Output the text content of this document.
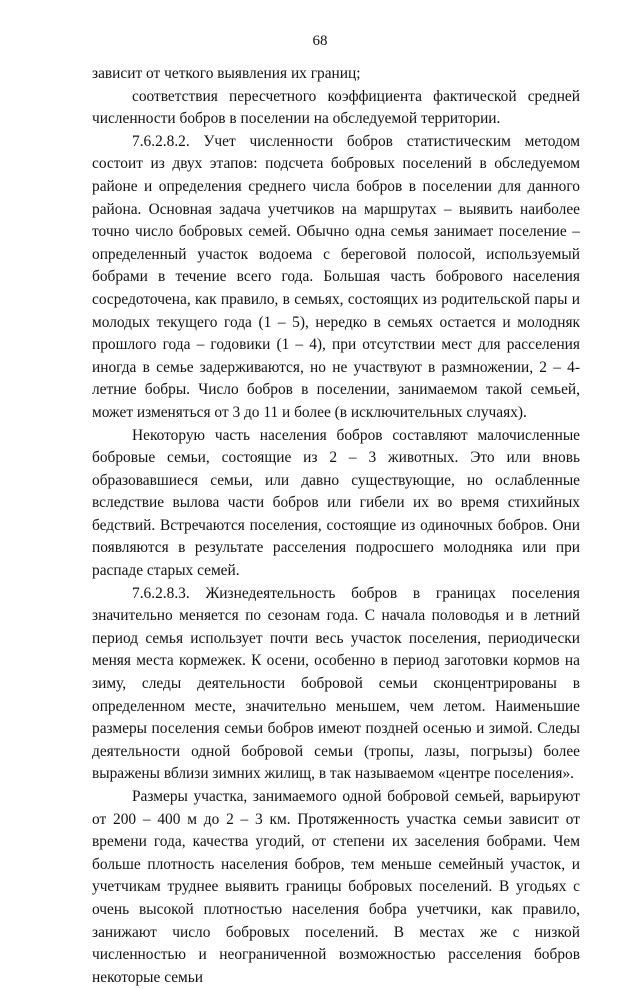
68

зависит от четкого выявления их границ;

соответствия пересчетного коэффициента фактической средней численности бобров в поселении на обследуемой территории.

7.6.2.8.2. Учет численности бобров статистическим методом состоит из двух этапов: подсчета бобровых поселений в обследуемом районе и определения среднего числа бобров в поселении для данного района. Основная задача учетчиков на маршрутах – выявить наиболее точно число бобровых семей. Обычно одна семья занимает поселение – определенный участок водоема с береговой полосой, используемый бобрами в течение всего года. Большая часть бобрового населения сосредоточена, как правило, в семьях, состоящих из родительской пары и молодых текущего года (1 – 5), нередко в семьях остается и молодняк прошлого года – годовики (1 – 4), при отсутствии мест для расселения иногда в семье задерживаются, но не участвуют в размножении, 2 – 4-летние бобры. Число бобров в поселении, занимаемом такой семьей, может изменяться от 3 до 11 и более (в исключительных случаях).

Некоторую часть населения бобров составляют малочисленные бобровые семьи, состоящие из 2 – 3 животных. Это или вновь образовавшиеся семьи, или давно существующие, но ослабленные вследствие вылова части бобров или гибели их во время стихийных бедствий. Встречаются поселения, состоящие из одиночных бобров. Они появляются в результате расселения подросшего молодняка или при распаде старых семей.

7.6.2.8.3. Жизнедеятельность бобров в границах поселения значительно меняется по сезонам года. С начала половодья и в летний период семья использует почти весь участок поселения, периодически меняя места кормежек. К осени, особенно в период заготовки кормов на зиму, следы деятельности бобровой семьи сконцентрированы в определенном месте, значительно меньшем, чем летом. Наименьшие размеры поселения семьи бобров имеют поздней осенью и зимой. Следы деятельности одной бобровой семьи (тропы, лазы, погрызы) более выражены вблизи зимних жилищ, в так называемом «центре поселения».

Размеры участка, занимаемого одной бобровой семьей, варьируют от 200 – 400 м до 2 – 3 км. Протяженность участка семьи зависит от времени года, качества угодий, от степени их заселения бобрами. Чем больше плотность населения бобров, тем меньше семейный участок, и учетчикам труднее выявить границы бобровых поселений. В угодьях с очень высокой плотностью населения бобра учетчики, как правило, занижают число бобровых поселений. В местах же с низкой численностью и неограниченной возможностью расселения бобров некоторые семьи
